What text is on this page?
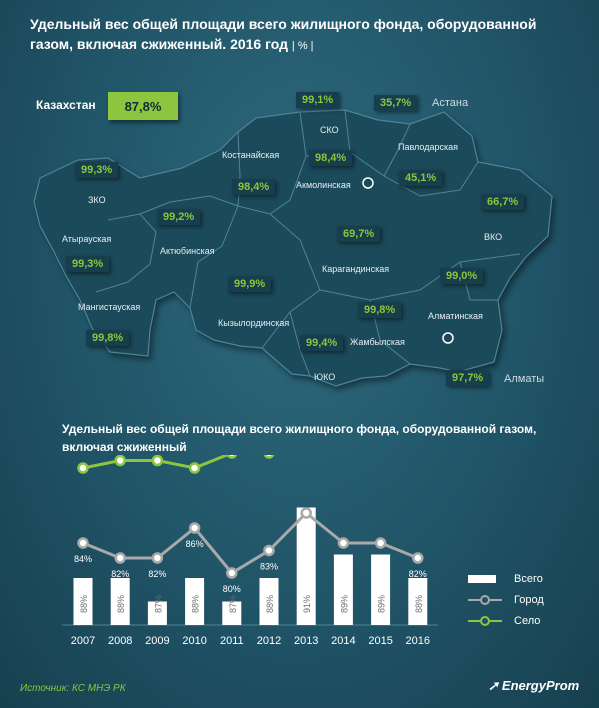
Удельный вес общей площади всего жилищного фонда, оборудованной газом, включая сжиженный. 2016 год | % |
Казахстан	87,8%
ЗКО
Атырауская
Мангистауская
Актюбинская
Костанайская
СКО
Акмолинская
Павлодарская
ВКО
Карагандинская
Кызылординская
Жамбылская
Алматинская
ЮКО
99,3%
99,3%
99,8%
99,2%
98,4%
99,1%
98,4%
45,1%
66,7%
69,7%
99,9%
99,8%
99,0%
99,4%
35,7%	Астана
97,7%	Алматы
Удельный вес общей площади всего жилищного фонда, оборудованной газом, включая сжиженный
88%	88%	87%	88%	87%	88%	91%	89%	89%	88%
84%
82% 82%
86%
80%
83%
88%
84% 84%
82%
2007 2008 2009 2010 2011 2012 2013 2014 2015 2016
Всего
Город
Село
Источник: КС МНЭ РК	➚ EnergyProm
